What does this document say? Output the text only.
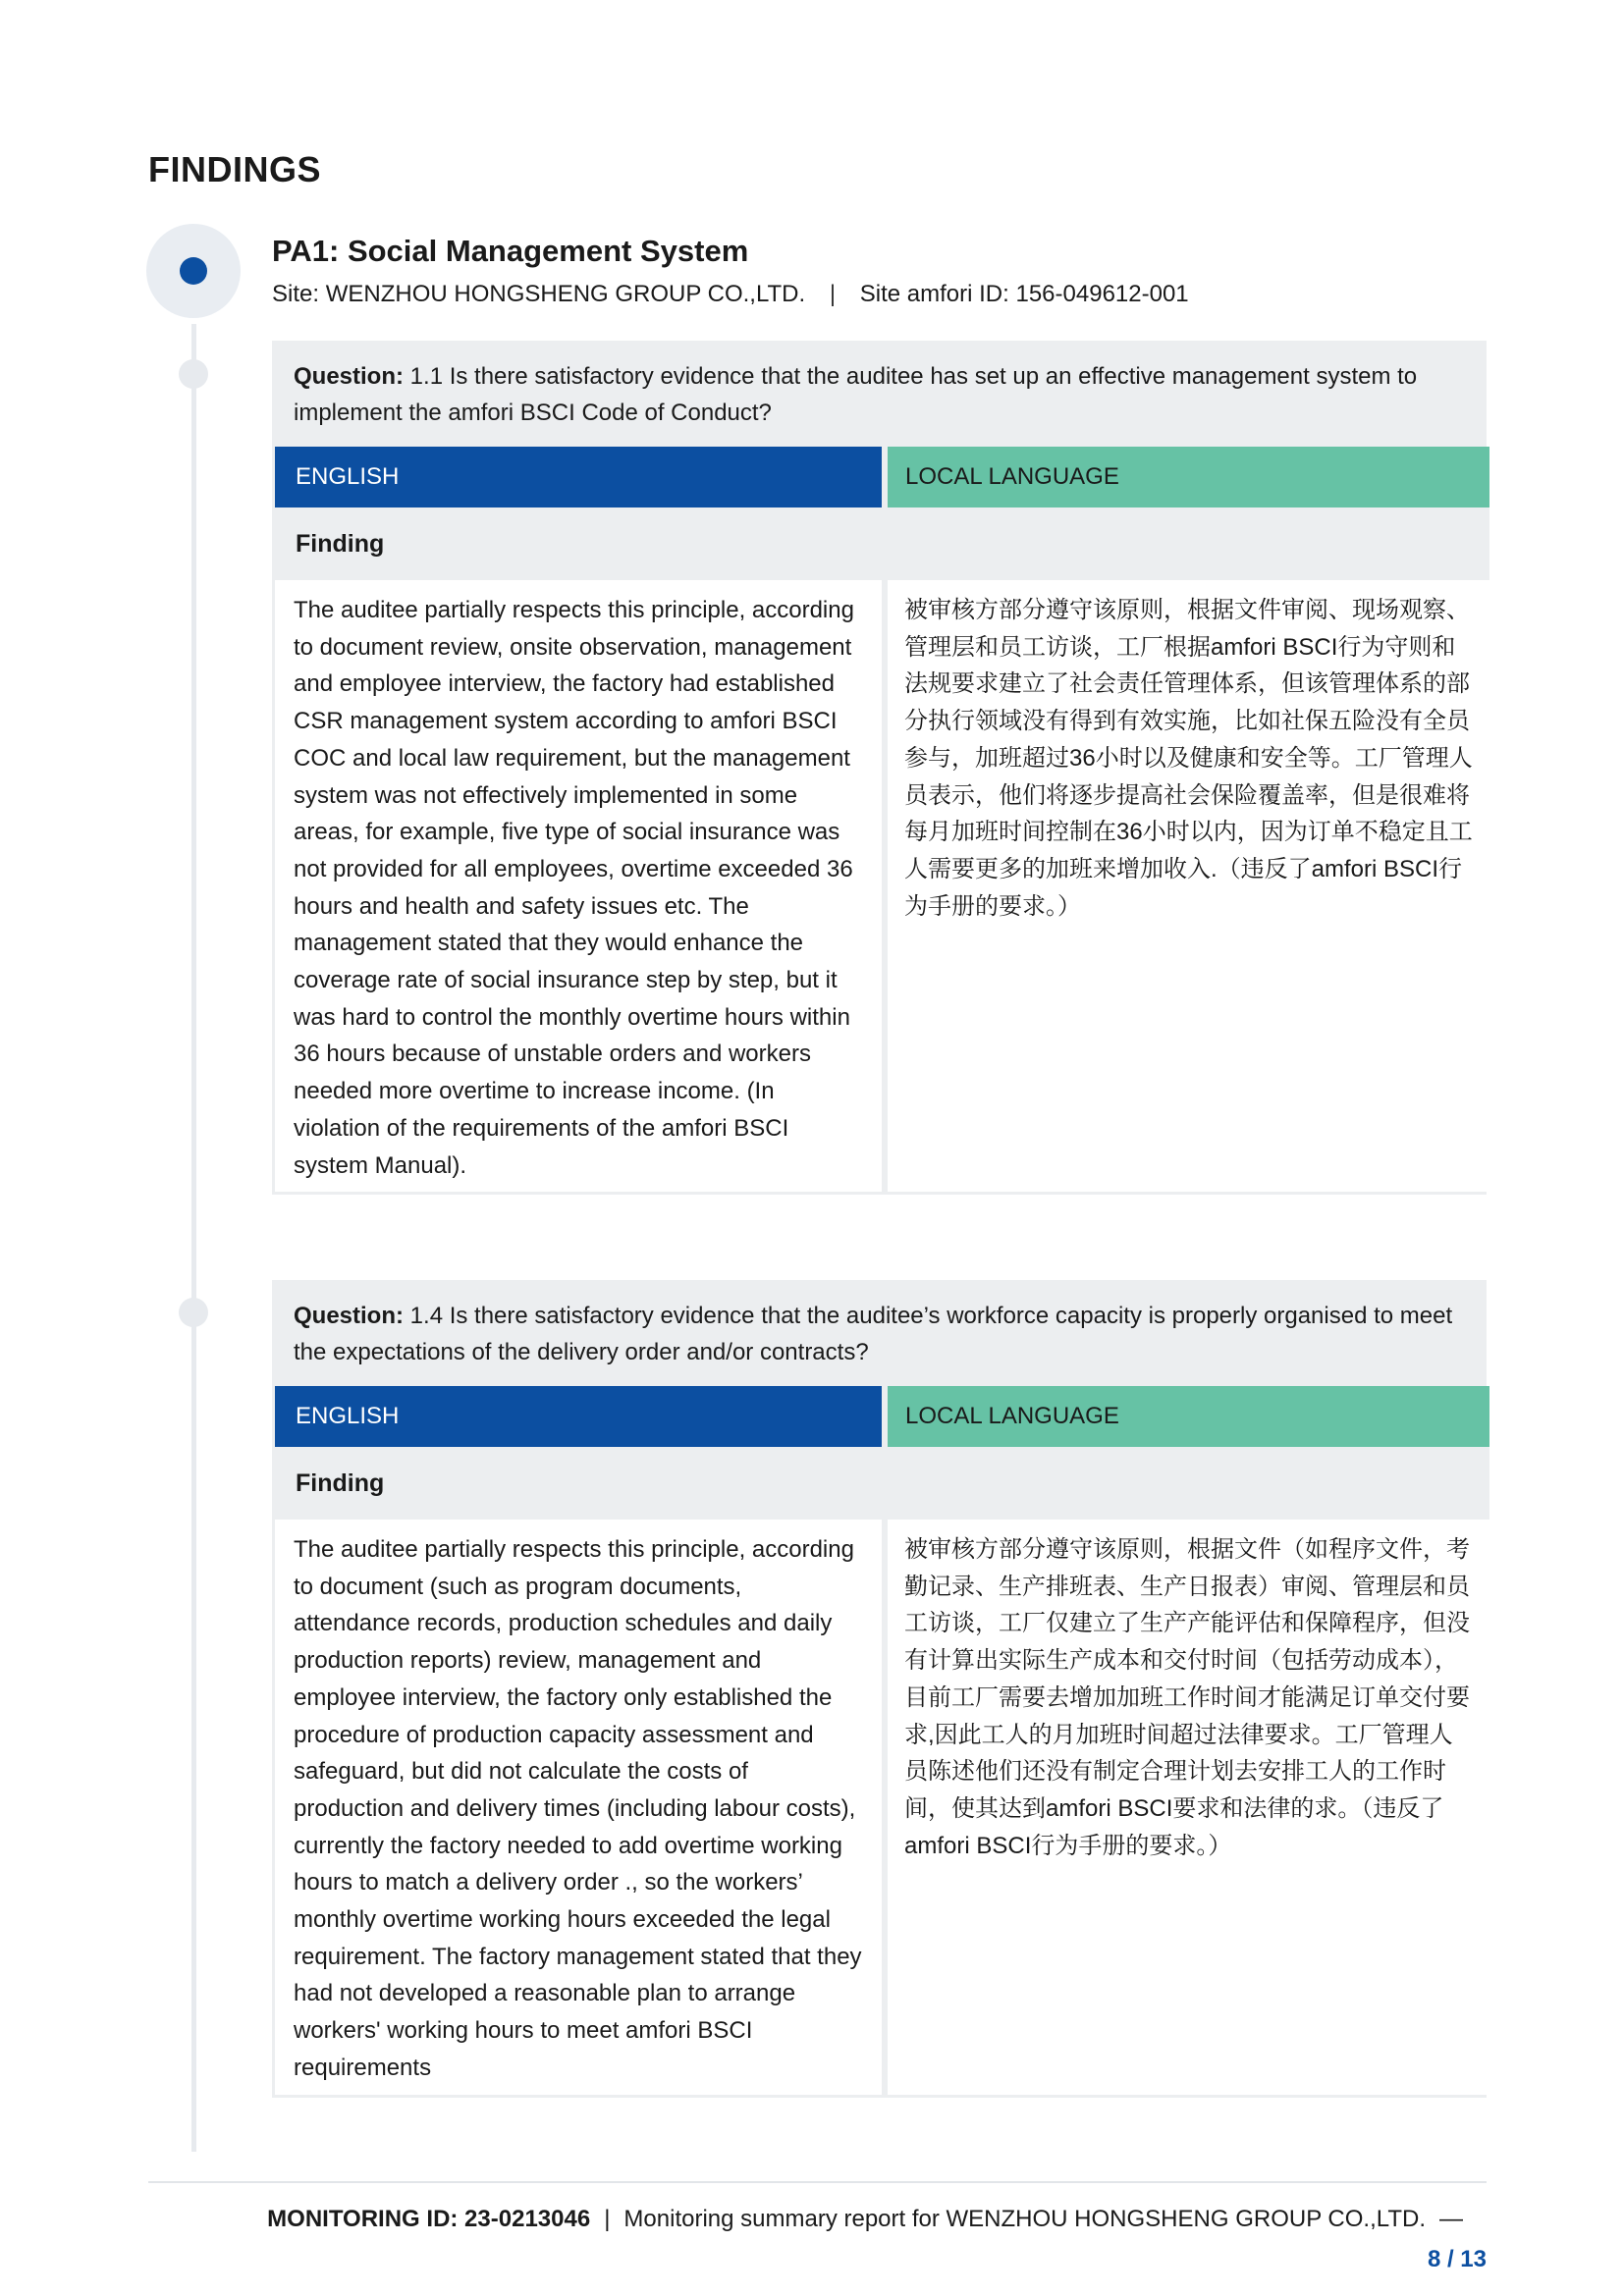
FINDINGS
PA1: Social Management System
Site: WENZHOU HONGSHENG GROUP CO.,LTD. | Site amfori ID: 156-049612-001
Question: 1.1 Is there satisfactory evidence that the auditee has set up an effective management system to implement the amfori BSCI Code of Conduct?
ENGLISH	LOCAL LANGUAGE
Finding
The auditee partially respects this principle, according to document review, onsite observation, management and employee interview, the factory had established CSR management system according to amfori BSCI COC and local law requirement, but the management system was not effectively implemented in some areas, for example, five type of social insurance was not provided for all employees, overtime exceeded 36 hours and health and safety issues etc. The management stated that they would enhance the coverage rate of social insurance step by step, but it was hard to control the monthly overtime hours within 36 hours because of unstable orders and workers needed more overtime to increase income. (In violation of the requirements of the amfori BSCI system Manual).
被审核方部分遵守该原则，根据文件审阅、现场观察、管理层和员工访谈，工厂根据amfori BSCI行为守则和法规要求建立了社会责任管理体系，但该管理体系的部分执行领域没有得到有效实施，比如社保五险没有全员参与，加班超过36小时以及健康和安全等。工厂管理人员表示，他们将逐步提高社会保险覆盖率，但是很难将每月加班时间控制在36小时以内，因为订单不稳定且工人需要更多的加班来增加收入.（违反了amfori BSCI行为手册的要求。）
Question: 1.4 Is there satisfactory evidence that the auditee’s workforce capacity is properly organised to meet the expectations of the delivery order and/or contracts?
ENGLISH	LOCAL LANGUAGE
Finding
The auditee partially respects this principle, according to document (such as program documents, attendance records, production schedules and daily production reports) review, management and employee interview, the factory only established the procedure of production capacity assessment and safeguard, but did not calculate the costs of production and delivery times (including labour costs), currently the factory needed to add overtime working hours to match a delivery order ., so the workers’ monthly overtime working hours exceeded the legal requirement. The factory management stated that they had not developed a reasonable plan to arrange workers' working hours to meet amfori BSCI requirements
被审核方部分遵守该原则，根据文件（如程序文件，考勤记录、生产排班表、生产日报表）审阅、管理层和员工访谈，工厂仅建立了生产产能评估和保障程序，但没有计算出实际生产成本和交付时间（包括劳动成本），目前工厂需要去增加加班工作时间才能满足订单交付要求,因此工人的月加班时间超过法律要求。工厂管理人员陈述他们还没有制定合理计划去安排工人的工作时间，使其达到amfori BSCI要求和法律的求。（违反了amfori BSCI行为手册的要求。）
MONITORING ID: 23-0213046 | Monitoring summary report for WENZHOU HONGSHENG GROUP CO.,LTD. —
8 / 13
